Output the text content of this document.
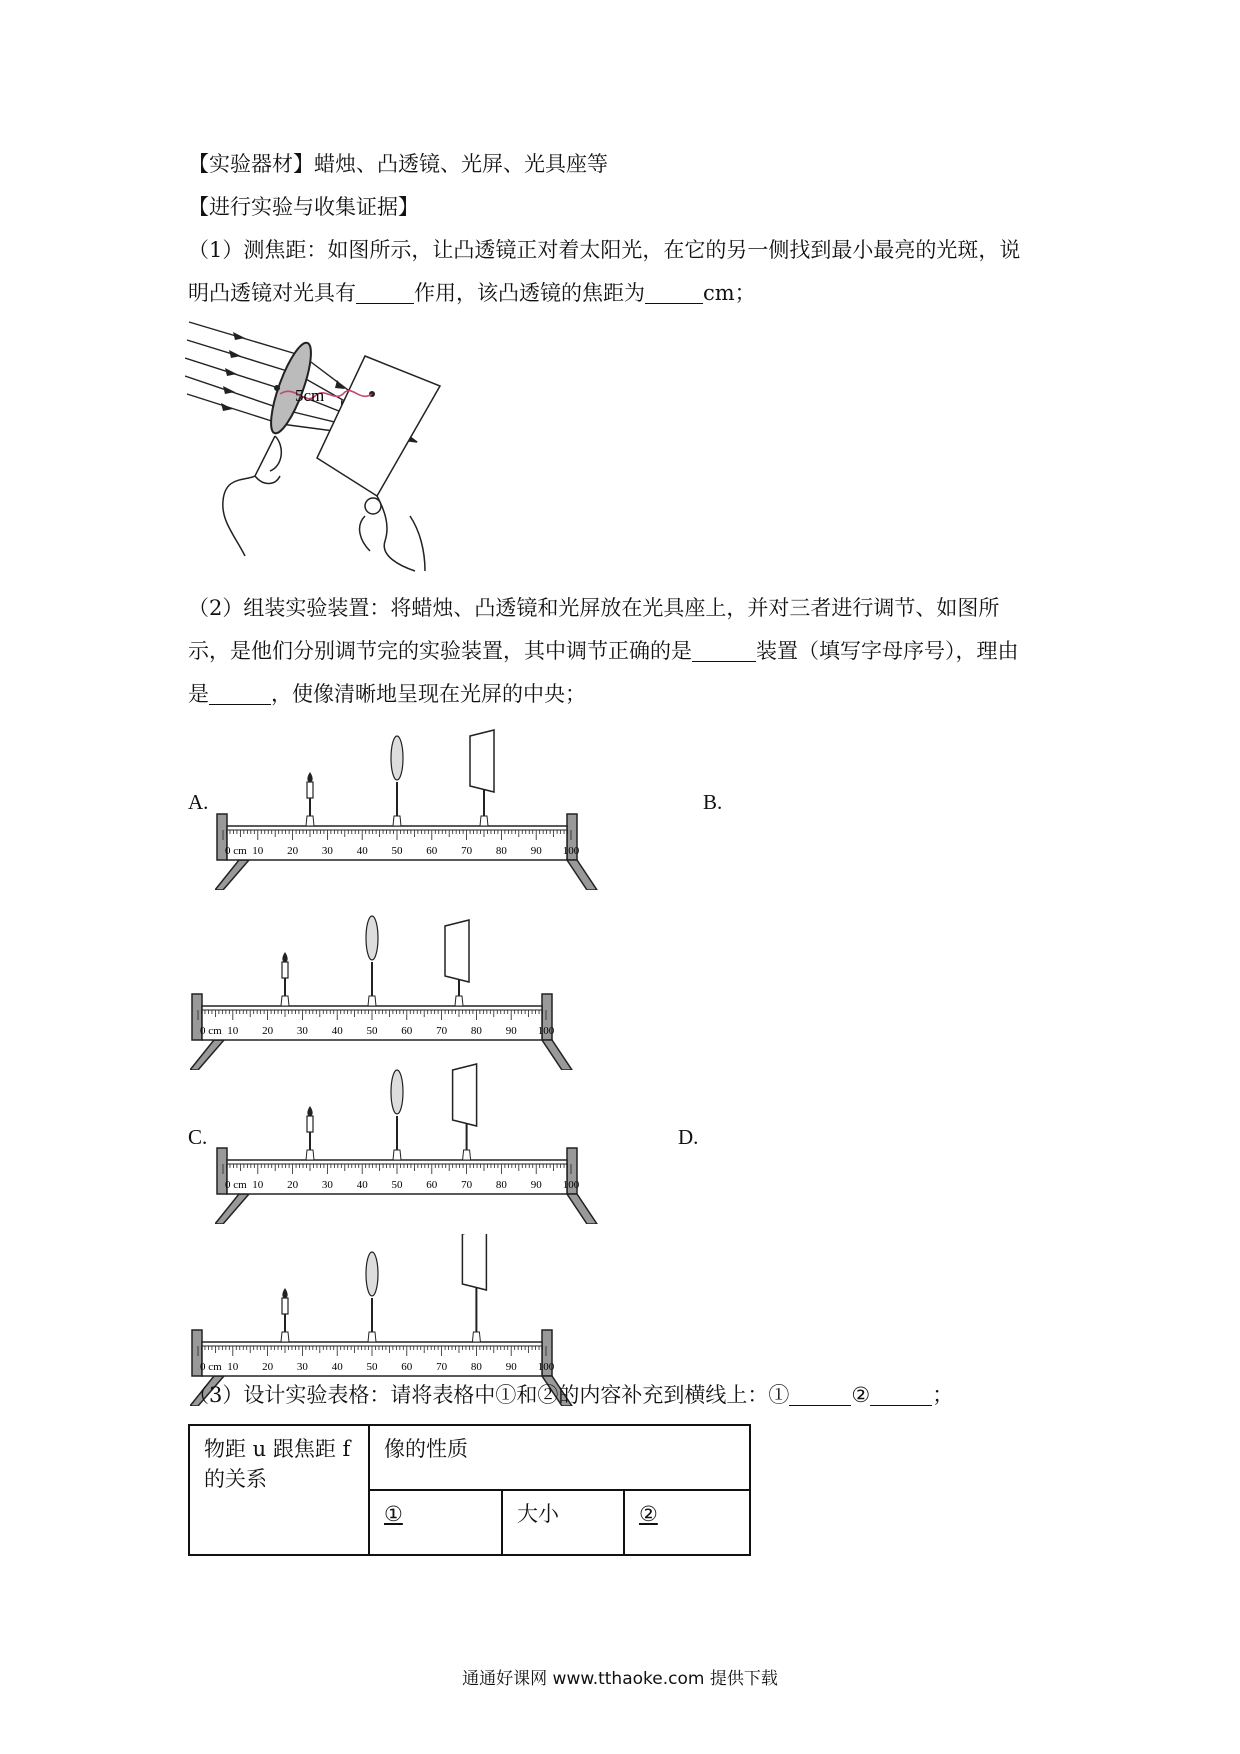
【实验器材】蜡烛、凸透镜、光屏、光具座等
【进行实验与收集证据】
（1）测焦距：如图所示，让凸透镜正对着太阳光，在它的另一侧找到最小最亮的光斑，说
明凸透镜对光具有	作用，该凸透镜的焦距为	cm；
5cm
（2）组装实验装置：将蜡烛、凸透镜和光屏放在光具座上，并对三者进行调节、如图所
示，是他们分别调节完的实验装置，其中调节正确的是	装置（填写字母序号），理由
是	，使像清晰地呈现在光屏的中央；
A.	B.
C.	D.
0 cm 10 20 30 40 50 60 70 80 90 100
0 cm 10 20 30 40 50 60 70 80 90 100
0 cm 10 20 30 40 50 60 70 80 90 100
0 cm 10 20 30 40 50 60 70 80 90 100
（3）设计实验表格：请将表格中①和②的内容补充到横线上：①	②	；
物距 u 跟焦距 f 的关系	像的性质		
	①	大小	②
通通好课网 www.tthaoke.com 提供下载
